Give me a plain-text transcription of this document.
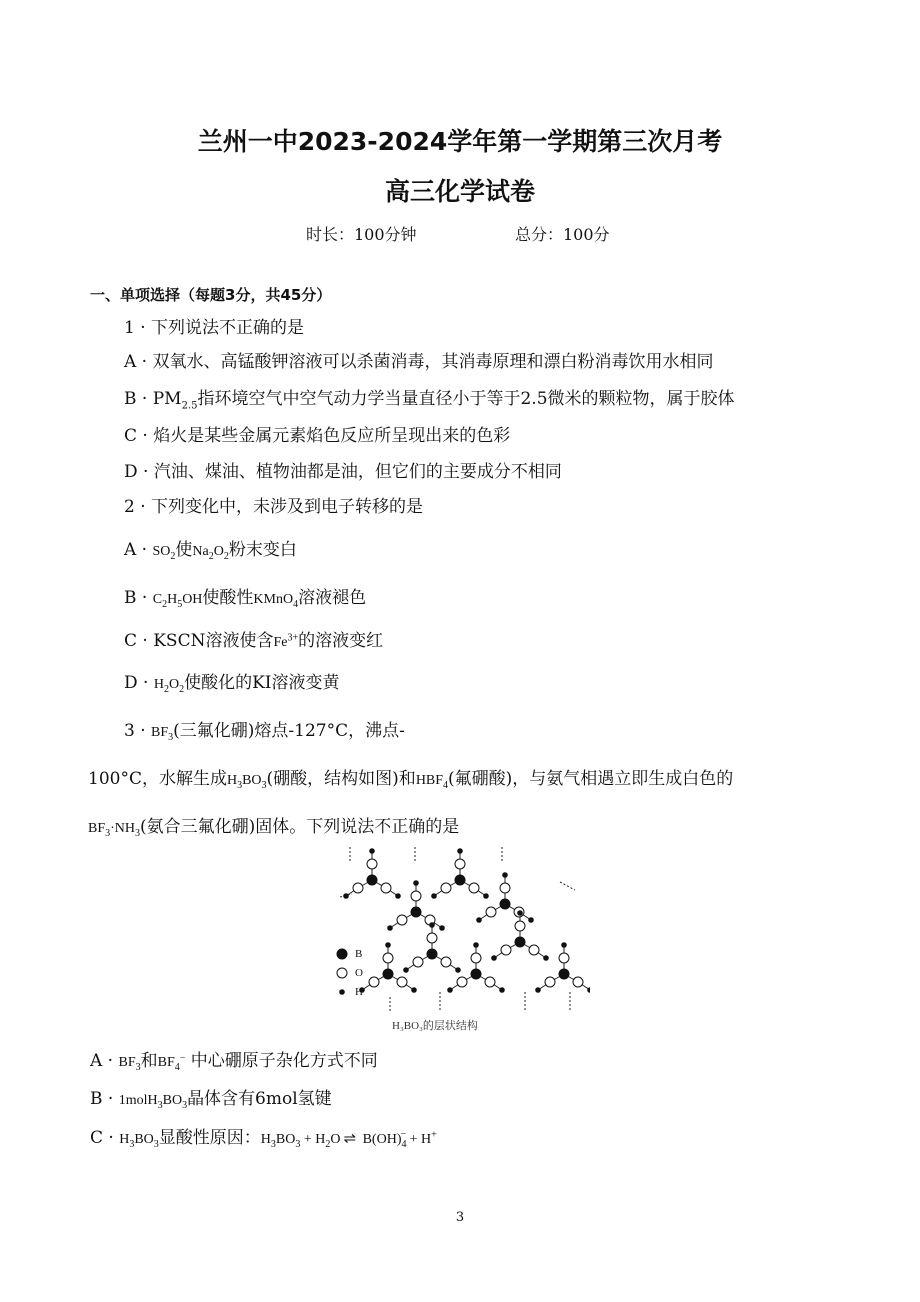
兰州一中2023-2024学年第一学期第三次月考
高三化学试卷
时长：100分钟	总分：100分
一、单项选择（每题3分，共45分）
1 · 下列说法不正确的是
A · 双氧水、高锰酸钾溶液可以杀菌消毒，其消毒原理和漂白粉消毒饮用水相同
$B \cdot PM_{2.5}$指环境空气中空气动力学当量直径小于等于2.5微米的颗粒物，属于胶体
C · 焰火是某些金属元素焰色反应所呈现出来的色彩
D · 汽油、煤油、植物油都是油，但它们的主要成分不相同
2 · 下列变化中，未涉及到电子转移的是
$A \cdot SO_2$使$Na_2O_2$粉末变白
$B \cdot C_2H_5OH$使酸性KMnO$_4$溶液褪色
C · KSCN溶液使含$Fe^{3+}$的溶液变红
$D \cdot H_2O_2$使酸化的KI溶液变黄
$3 \cdot BF_3$(三氟化硼)熔点-127°C，沸点-
100°C，水解生成$H_3BO_3$(硼酸，结构如图)和$HBF_4$(氟硼酸)，与氨气相遇立即生成白色的
$BF_3\cdot NH_3$(氨合三氟化硼)固体。下列说法不正确的是
B
O
H
H₃BO₃的层状结构
$A \cdot BF_3$和$BF_4^-$ 中心硼原子杂化方式不同
$B \cdot 1molH_3BO_3$晶体含有6mol氢键
$C \cdot H_3BO_3$显酸性原因：$H_3BO_3 + H_2O$ ⇌ $B(OH)_4^- + H^+$
3
